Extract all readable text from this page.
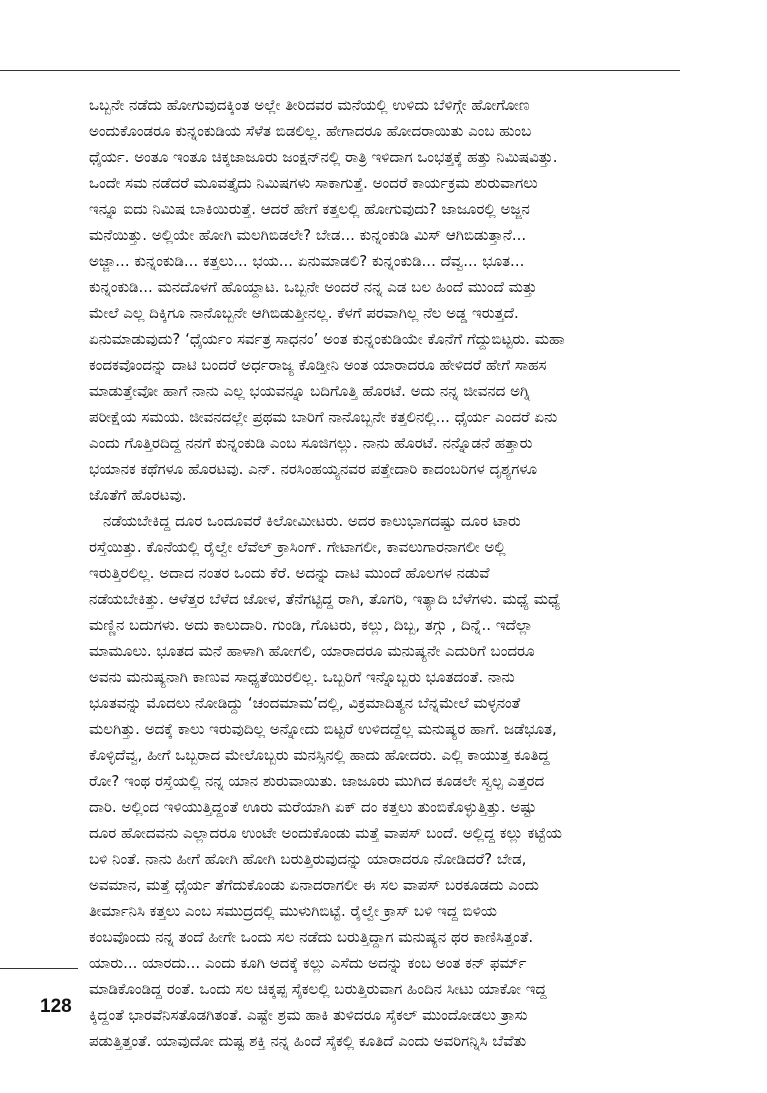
ಒಬ್ಬನೇ ನಡೆದು ಹೋಗುವುದಕ್ಕಿಂತ ಅಲ್ಲೇ ತೀರಿದವರ ಮನೆಯಲ್ಲಿ ಉಳಿದು ಬೆಳಿಗ್ಗೇ ಹೋಗೋಣ
ಅಂದುಕೊಂಡರೂ ಕುನ್ನಂಕುಡಿಯ ಸೆಳೆತ ಬಿಡಲಿಲ್ಲ. ಹೇಗಾದರೂ ಹೋದರಾಯಿತು ಎಂಬ ಹುಂಬ
ಧೈರ್ಯ. ಅಂತೂ ಇಂತೂ ಚಿಕ್ಕಜಾಜೂರು ಜಂಕ್ಷನ್‌ನಲ್ಲಿ ರಾತ್ರಿ ಇಳಿದಾಗ ಒಂಭತ್ತಕ್ಕೆ ಹತ್ತು ನಿಮಿಷವಿತ್ತು.
ಒಂದೇ ಸಮ ನಡೆದರೆ ಮೂವತ್ತೈದು ನಿಮಿಷಗಳು ಸಾಕಾಗುತ್ತೆ. ಅಂದರೆ ಕಾರ್ಯಕ್ರಮ ಶುರುವಾಗಲು
ಇನ್ನೂ ಐದು ನಿಮಿಷ ಬಾಕಿಯಿರುತ್ತೆ. ಆದರೆ ಹೇಗೆ ಕತ್ತಲಲ್ಲಿ ಹೋಗುವುದು? ಜಾಜೂರಲ್ಲಿ ಅಜ್ಜನ
ಮನೆಯಿತ್ತು. ಅಲ್ಲಿಯೇ ಹೋಗಿ ಮಲಗಿಬಿಡಲೇ? ಬೇಡ... ಕುನ್ನಂಕುಡಿ ಮಿಸ್ ಆಗಿಬಿಡುತ್ತಾನೆ...
ಅಜ್ಜಾ... ಕುನ್ನಂಕುಡಿ... ಕತ್ತಲು... ಭಯ... ಏನುಮಾಡಲಿ? ಕುನ್ನಂಕುಡಿ... ದೆವ್ವ... ಭೂತ...
ಕುನ್ನಂಕುಡಿ... ಮನದೊಳಗೆ ಹೊಯ್ದಾಟ. ಒಬ್ಬನೇ ಅಂದರೆ ನನ್ನ ಎಡ ಬಲ ಹಿಂದೆ ಮುಂದೆ ಮತ್ತು
ಮೇಲೆ ಎಲ್ಲ ದಿಕ್ಕಿಗೂ ನಾನೊಬ್ಬನೇ ಆಗಿಬಿಡುತ್ತೀನಲ್ಲ. ಕೆಳಗೆ ಪರವಾಗಿಲ್ಲ ನೆಲ ಅಡ್ಡ ಇರುತ್ತದೆ.
ಏನುಮಾಡುವುದು? ‘ಧೈರ್ಯಂ ಸರ್ವತ್ರ ಸಾಧನಂ’ ಅಂತ ಕುನ್ನಂಕುಡಿಯೇ ಕೊನೆಗೆ ಗೆದ್ದುಬಿಟ್ಟರು. ಮಹಾ
ಕಂದಕವೊಂದನ್ನು ದಾಟಿ ಬಂದರೆ ಅರ್ಧರಾಜ್ಯ ಕೊಡ್ತೀನಿ ಅಂತ ಯಾರಾದರೂ ಹೇಳಿದರೆ ಹೇಗೆ ಸಾಹಸ
ಮಾಡುತ್ತೇವೋ ಹಾಗೆ ನಾನು ಎಲ್ಲ ಭಯವನ್ನೂ ಬದಿಗೊತ್ತಿ ಹೊರಟೆ. ಅದು ನನ್ನ ಜೀವನದ ಅಗ್ನಿ
ಪರೀಕ್ಷೆಯ ಸಮಯ. ಜೀವನದಲ್ಲೇ ಪ್ರಥಮ ಬಾರಿಗೆ ನಾನೊಬ್ಬನೇ ಕತ್ತಲಿನಲ್ಲಿ... ಧೈರ್ಯ ಎಂದರೆ ಏನು
ಎಂದು ಗೊತ್ತಿರದಿದ್ದ ನನಗೆ ಕುನ್ನಂಕುಡಿ ಎಂಬ ಸೂಜಿಗಲ್ಲು. ನಾನು ಹೊರಟೆ. ನನ್ನೊಡನೆ ಹತ್ತಾರು
ಭಯಾನಕ ಕಥೆಗಳೂ ಹೊರಟವು. ಎನ್. ನರಸಿಂಹಯ್ಯನವರ ಪತ್ತೇದಾರಿ ಕಾದಂಬರಿಗಳ ದೃಶ್ಯಗಳೂ
ಜೊತೆಗೆ ಹೊರಟವು.
ನಡೆಯಬೇಕಿದ್ದ ದೂರ ಒಂದೂವರೆ ಕಿಲೋಮೀಟರು. ಅದರ ಕಾಲುಭಾಗದಷ್ಟು ದೂರ ಟಾರು
ರಸ್ತೆಯಿತ್ತು. ಕೊನೆಯಲ್ಲಿ ರೈಲ್ವೇ ಲೆವೆಲ್ ಕ್ರಾಸಿಂಗ್. ಗೇಟಾಗಲೀ, ಕಾವಲುಗಾರನಾಗಲೀ ಅಲ್ಲಿ
ಇರುತ್ತಿರಲಿಲ್ಲ. ಅದಾದ ನಂತರ ಒಂದು ಕೆರೆ. ಅದನ್ನು ದಾಟಿ ಮುಂದೆ ಹೊಲಗಳ ನಡುವೆ
ನಡೆಯಬೇಕಿತ್ತು. ಆಳೆತ್ತರ ಬೆಳೆದ ಜೋಳ, ತೆನೆಗಟ್ಟಿದ್ದ ರಾಗಿ, ತೊಗರಿ, ಇತ್ಯಾದಿ ಬೆಳೆಗಳು. ಮಧ್ಯೆ ಮಧ್ಯೆ
ಮಣ್ಣಿನ ಬದುಗಳು. ಅದು ಕಾಲುದಾರಿ. ಗುಂಡಿ, ಗೊಟರು, ಕಲ್ಲು, ದಿಬ್ಬ, ತಗ್ಗು , ದಿನ್ನೆ.. ಇದೆಲ್ಲಾ
ಮಾಮೂಲು. ಭೂತದ ಮನೆ ಹಾಳಾಗಿ ಹೋಗಲಿ, ಯಾರಾದರೂ ಮನುಷ್ಯನೇ ಎದುರಿಗೆ ಬಂದರೂ
ಅವನು ಮನುಷ್ಯನಾಗಿ ಕಾಣುವ ಸಾಧ್ಯತೆಯಿರಲಿಲ್ಲ. ಒಬ್ಬರಿಗೆ ಇನ್ನೊಬ್ಬರು ಭೂತದಂತೆ. ನಾನು
ಭೂತವನ್ನು ಮೊದಲು ನೋಡಿದ್ದು ‘ಚಂದಮಾಮ’ದಲ್ಲಿ, ವಿಕ್ರಮಾದಿತ್ಯನ ಬೆನ್ನಮೇಲೆ ಮಳ್ಳನಂತೆ
ಮಲಗಿತ್ತು. ಅದಕ್ಕೆ ಕಾಲು ಇರುವುದಿಲ್ಲ ಅನ್ನೋದು ಬಿಟ್ಟರೆ ಉಳಿದದ್ದೆಲ್ಲ ಮನುಷ್ಯರ ಹಾಗೆ. ಜಡೆಭೂತ,
ಕೊಳ್ಳಿದೆವ್ವ, ಹೀಗೆ ಒಬ್ಬರಾದ ಮೇಲೊಬ್ಬರು ಮನಸ್ಸಿನಲ್ಲಿ ಹಾದು ಹೋದರು. ಎಲ್ಲಿ ಕಾಯುತ್ತ ಕೂತಿದ್ದ
ರೋ? ಇಂಥ ರಸ್ತೆಯಲ್ಲಿ ನನ್ನ ಯಾನ ಶುರುವಾಯಿತು. ಜಾಜೂರು ಮುಗಿದ ಕೂಡಲೇ ಸ್ವಲ್ಪ ಎತ್ತರದ
ದಾರಿ. ಅಲ್ಲಿಂದ ಇಳಿಯುತ್ತಿದ್ದಂತೆ ಊರು ಮರೆಯಾಗಿ ಏಕ್ ದಂ ಕತ್ತಲು ತುಂಬಿಕೊಳ್ಳುತ್ತಿತ್ತು. ಅಷ್ಟು
ದೂರ ಹೋದವನು ಎಲ್ಲಾದರೂ ಉಂಟೇ ಅಂದುಕೊಂಡು ಮತ್ತೆ ವಾಪಸ್ ಬಂದೆ. ಅಲ್ಲಿದ್ದ ಕಲ್ಲು ಕಟ್ಟೆಯ
ಬಳಿ ನಿಂತೆ. ನಾನು ಹೀಗೆ ಹೋಗಿ ಹೋಗಿ ಬರುತ್ತಿರುವುದನ್ನು ಯಾರಾದರೂ ನೋಡಿದರೆ? ಬೇಡ,
ಅವಮಾನ, ಮತ್ತೆ ಧೈರ್ಯ ತೆಗೆದುಕೊಂಡು ಏನಾದರಾಗಲೀ ಈ ಸಲ ವಾಪಸ್ ಬರಕೂಡದು ಎಂದು
ತೀರ್ಮಾನಿಸಿ ಕತ್ತಲು ಎಂಬ ಸಮುದ್ರದಲ್ಲಿ ಮುಳುಗಿಬಿಟ್ಟೆ. ರೈಲ್ವೇ ಕ್ರಾಸ್ ಬಳಿ ಇದ್ದ ಬಿಳಿಯ
ಕಂಬವೊಂದು ನನ್ನ ತಂದೆ ಹೀಗೇ ಒಂದು ಸಲ ನಡೆದು ಬರುತ್ತಿದ್ದಾಗ ಮನುಷ್ಯನ ಥರ ಕಾಣಿಸಿತ್ತಂತೆ.
ಯಾರು... ಯಾರದು... ಎಂದು ಕೂಗಿ ಅದಕ್ಕೆ ಕಲ್ಲು ಎಸೆದು ಅದನ್ನು ಕಂಬ ಅಂತ ಕನ್ ಫರ್ಮ್
ಮಾಡಿಕೊಂಡಿದ್ದ ರಂತೆ. ಒಂದು ಸಲ ಚಿಕ್ಕಪ್ಪ ಸೈಕಲಲ್ಲಿ ಬರುತ್ತಿರುವಾಗ ಹಿಂದಿನ ಸೀಟು ಯಾಕೋ ಇದ್ದ
ಕ್ಕಿದ್ದಂತೆ ಭಾರವೆನಿಸತೊಡಗಿತಂತೆ. ಎಷ್ಟೇ ಶ್ರಮ ಹಾಕಿ ತುಳಿದರೂ ಸೈಕಲ್ ಮುಂದೋಡಲು ತ್ರಾಸು
ಪಡುತ್ತಿತ್ತಂತೆ. ಯಾವುದೋ ದುಷ್ಟ ಶಕ್ತಿ ನನ್ನ ಹಿಂದೆ ಸೈಕಲ್ಲಿ ಕೂತಿದೆ ಎಂದು ಅವರಿಗನ್ನಿಸಿ ಬೆವೆತು
128
